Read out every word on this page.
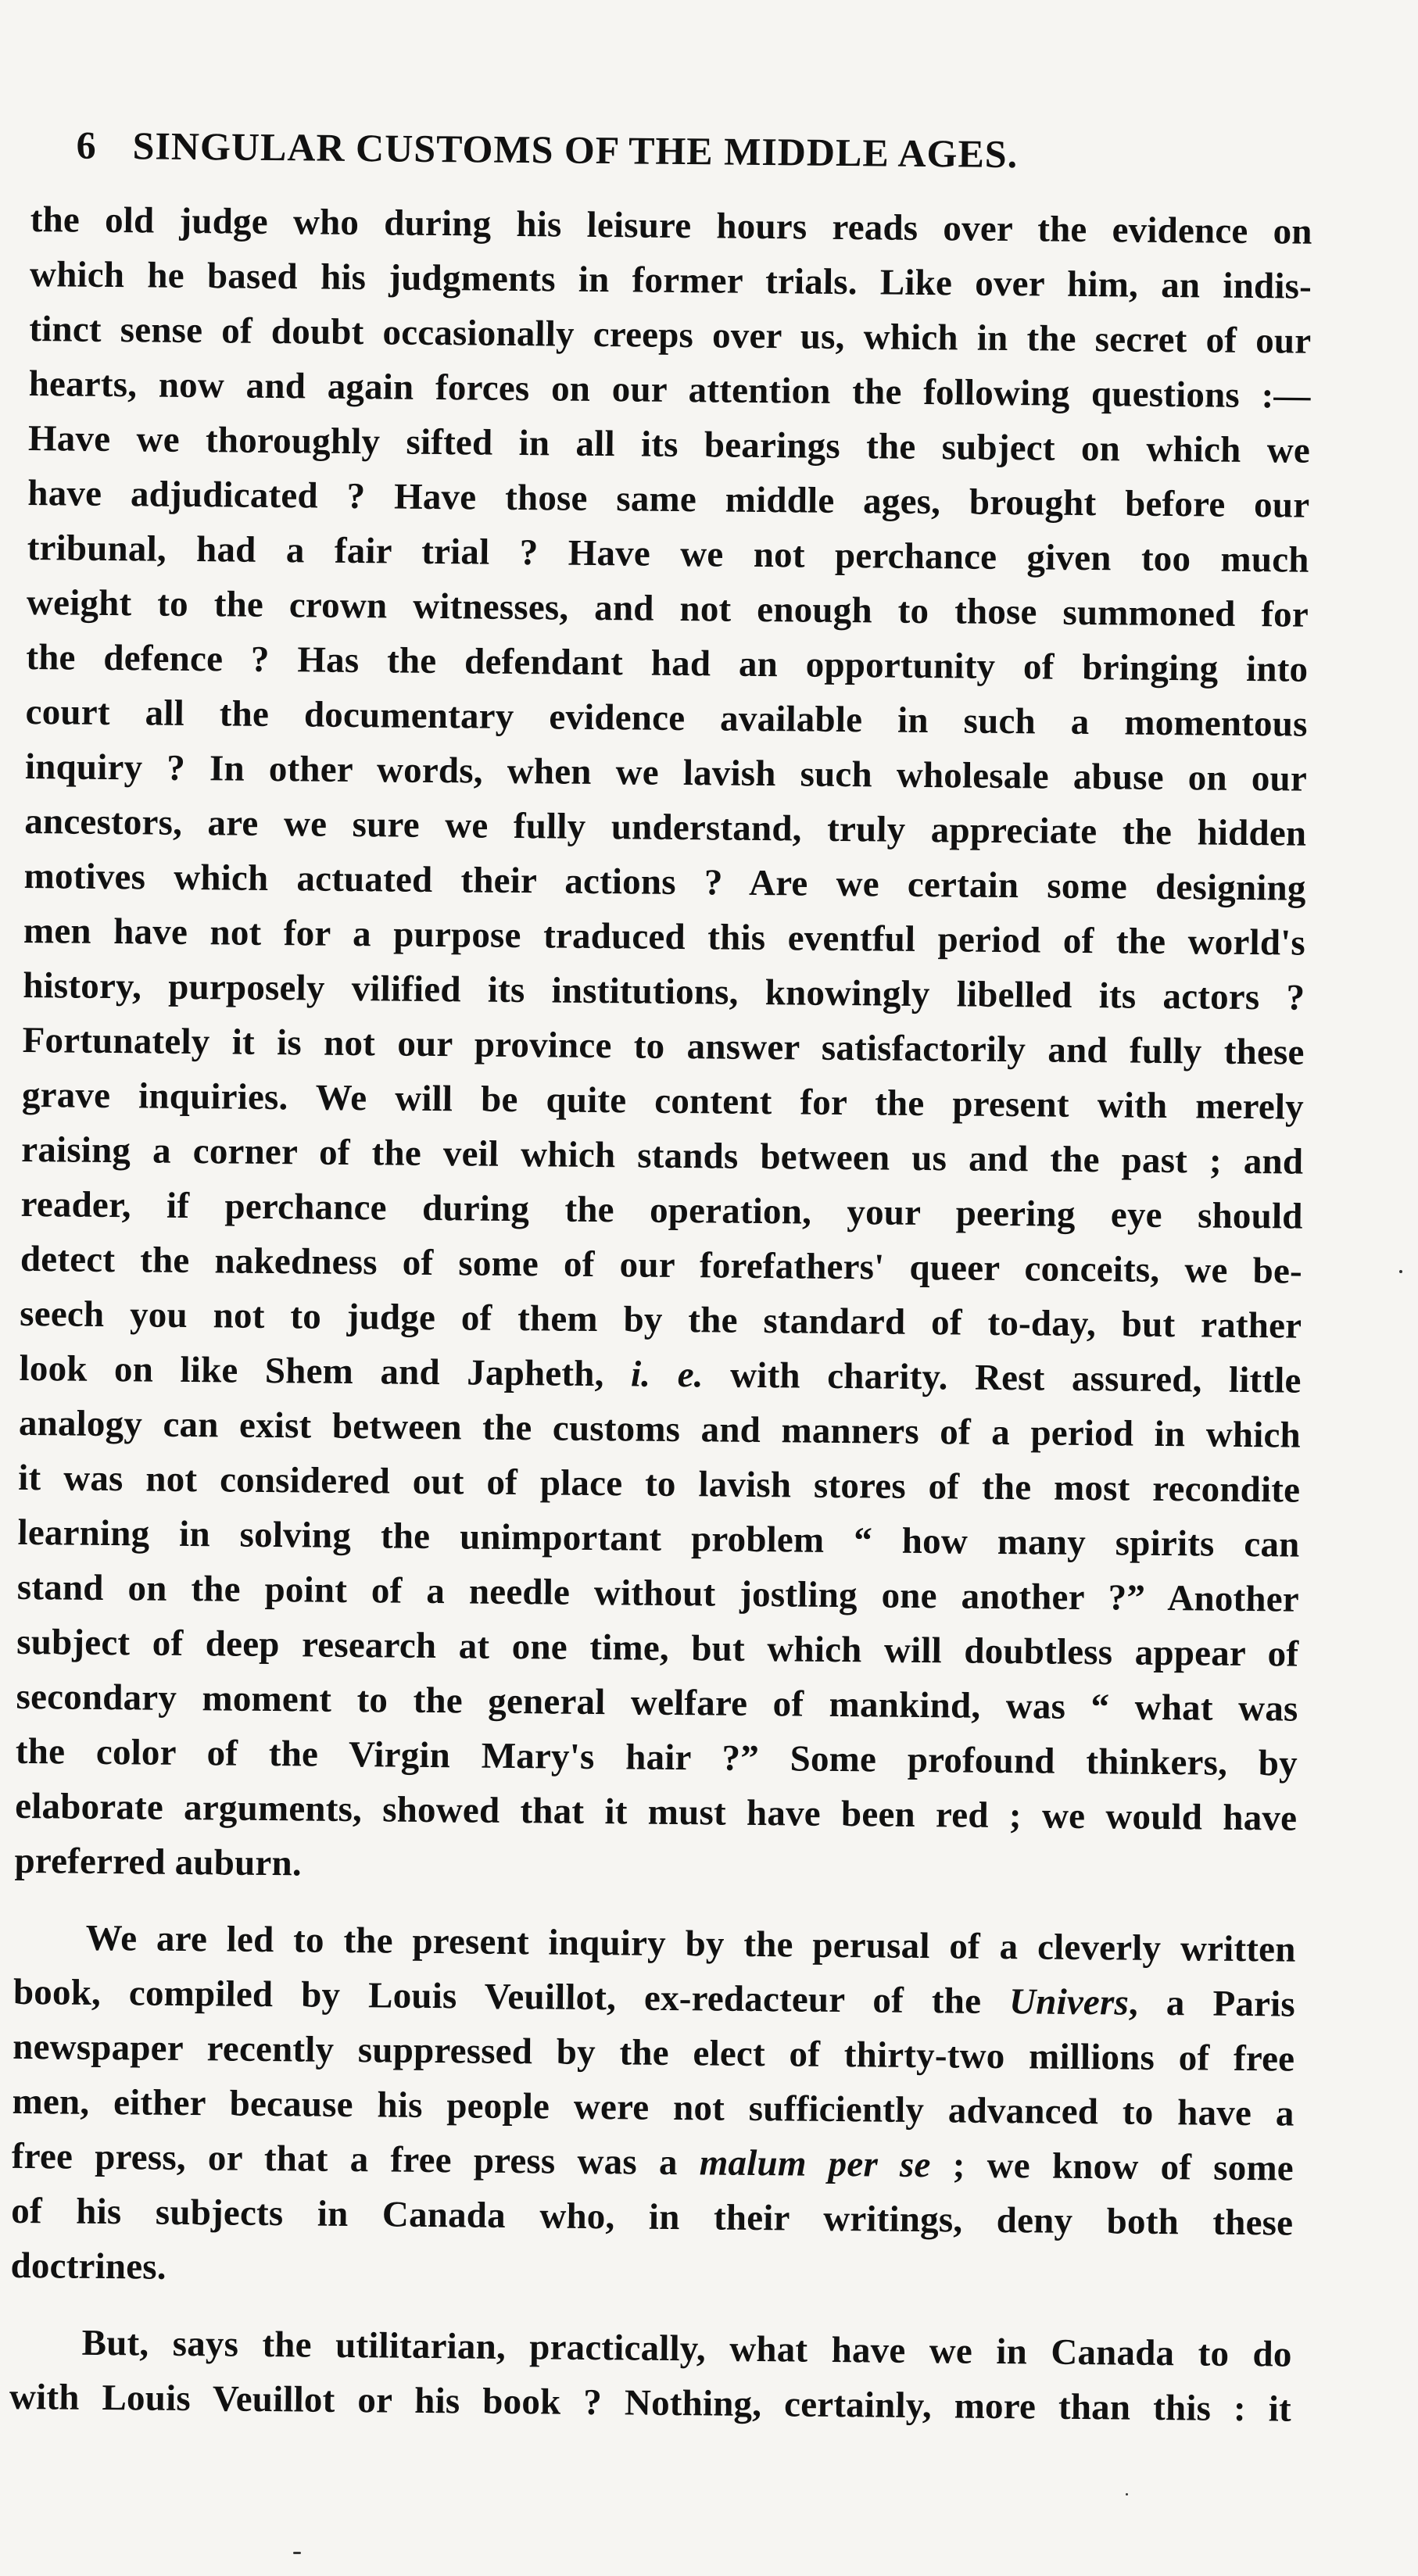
6 SINGULAR CUSTOMS OF THE MIDDLE AGES.
the old judge who during his leisure hours reads over the evidence on
which he based his judgments in former trials. Like over him, an indis-
tinct sense of doubt occasionally creeps over us, which in the secret of our
hearts, now and again forces on our attention the following questions :—
Have we thoroughly sifted in all its bearings the subject on which we
have adjudicated ? Have those same middle ages, brought before our
tribunal, had a fair trial ? Have we not perchance given too much
weight to the crown witnesses, and not enough to those summoned for
the defence ? Has the defendant had an opportunity of bringing into
court all the documentary evidence available in such a momentous
inquiry ? In other words, when we lavish such wholesale abuse on our
ancestors, are we sure we fully understand, truly appreciate the hidden
motives which actuated their actions ? Are we certain some designing
men have not for a purpose traduced this eventful period of the world's
history, purposely vilified its institutions, knowingly libelled its actors ?
Fortunately it is not our province to answer satisfactorily and fully these
grave inquiries. We will be quite content for the present with merely
raising a corner of the veil which stands between us and the past ; and
reader, if perchance during the operation, your peering eye should
detect the nakedness of some of our forefathers' queer conceits, we be-
seech you not to judge of them by the standard of to-day, but rather
look on like Shem and Japheth, i. e. with charity. Rest assured, little
analogy can exist between the customs and manners of a period in which
it was not considered out of place to lavish stores of the most recondite
learning in solving the unimportant problem “ how many spirits can
stand on the point of a needle without jostling one another ?” Another
subject of deep research at one time, but which will doubtless appear of
secondary moment to the general welfare of mankind, was “ what was
the color of the Virgin Mary's hair ?” Some profound thinkers, by
elaborate arguments, showed that it must have been red ; we would have
preferred auburn.
We are led to the present inquiry by the perusal of a cleverly written
book, compiled by Louis Veuillot, ex-redacteur of the Univers, a Paris
newspaper recently suppressed by the elect of thirty-two millions of free
men, either because his people were not sufficiently advanced to have a
free press, or that a free press was a malum per se ; we know of some
of his subjects in Canada who, in their writings, deny both these
doctrines.
But, says the utilitarian, practically, what have we in Canada to do
with Louis Veuillot or his book ? Nothing, certainly, more than this : it
